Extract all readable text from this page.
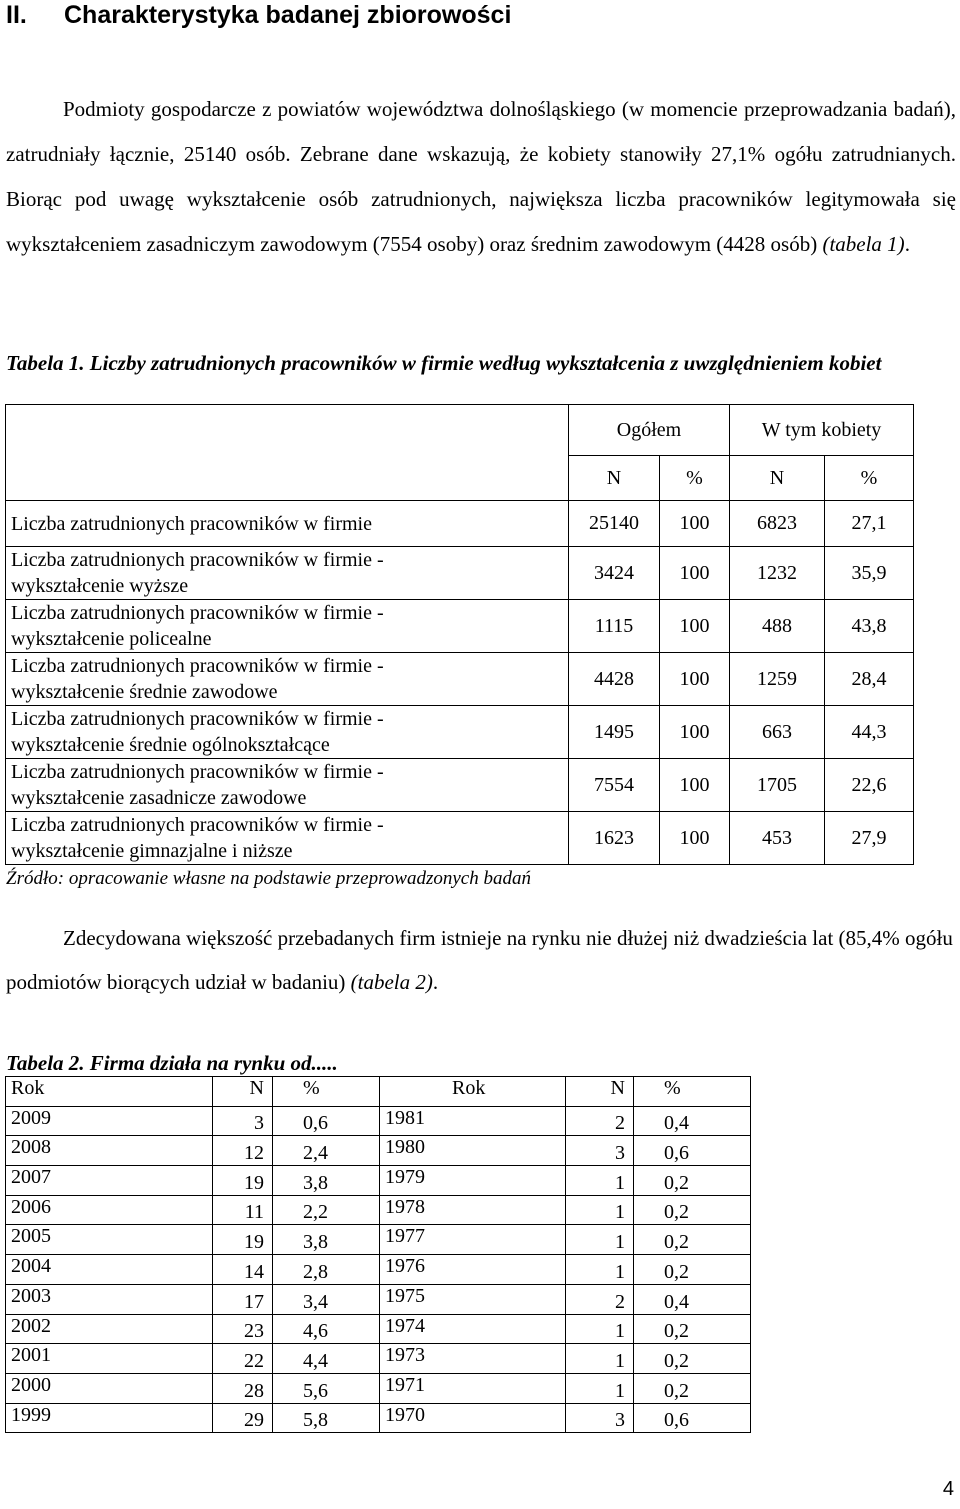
II. Charakterystyka badanej zbiorowości

Podmioty gospodarcze z powiatów województwa dolnośląskiego (w momencie przeprowadzania badań), zatrudniały łącznie, 25140 osób. Zebrane dane wskazują, że kobiety stanowiły 27,1% ogółu zatrudnianych. Biorąc pod uwagę wykształcenie osób zatrudnionych, największa liczba pracowników legitymowała się wykształceniem zasadniczym zawodowym (7554 osoby) oraz średnim zawodowym (4428 osób) (tabela 1).

Tabela 1. Liczby zatrudnionych pracowników w firmie według wykształcenia z uwzględnieniem kobiet

	Ogółem		W tym kobiety	
	N	%	N	%

Liczba zatrudnionych pracowników w firmie	25140	100	6823	27,1

Liczba zatrudnionych pracowników w firmie -
wykształcenie wyższe	3424	100	1232	35,9

Liczba zatrudnionych pracowników w firmie -
wykształcenie policealne	1115	100	488	43,8

Liczba zatrudnionych pracowników w firmie -
wykształcenie średnie zawodowe	4428	100	1259	28,4

Liczba zatrudnionych pracowników w firmie -
wykształcenie średnie ogólnokształcące	1495	100	663	44,3

Liczba zatrudnionych pracowników w firmie -
wykształcenie zasadnicze zawodowe	7554	100	1705	22,6

Liczba zatrudnionych pracowników w firmie -
wykształcenie gimnazjalne i niższe	1623	100	453	27,9

Źródło: opracowanie własne na podstawie przeprowadzonych badań

Zdecydowana większość przebadanych firm istnieje na rynku nie dłużej niż dwadzieścia lat (85,4% ogółu podmiotów biorących udział w badaniu) (tabela 2).

Tabela 2. Firma działa na rynku od.....

Rok	N	%	Rok	N	%
2009	3	0,6	1981	2	0,4
2008	12	2,4	1980	3	0,6
2007	19	3,8	1979	1	0,2
2006	11	2,2	1978	1	0,2
2005	19	3,8	1977	1	0,2
2004	14	2,8	1976	1	0,2
2003	17	3,4	1975	2	0,4
2002	23	4,6	1974	1	0,2
2001	22	4,4	1973	1	0,2
2000	28	5,6	1971	1	0,2
1999	29	5,8	1970	3	0,6
4
